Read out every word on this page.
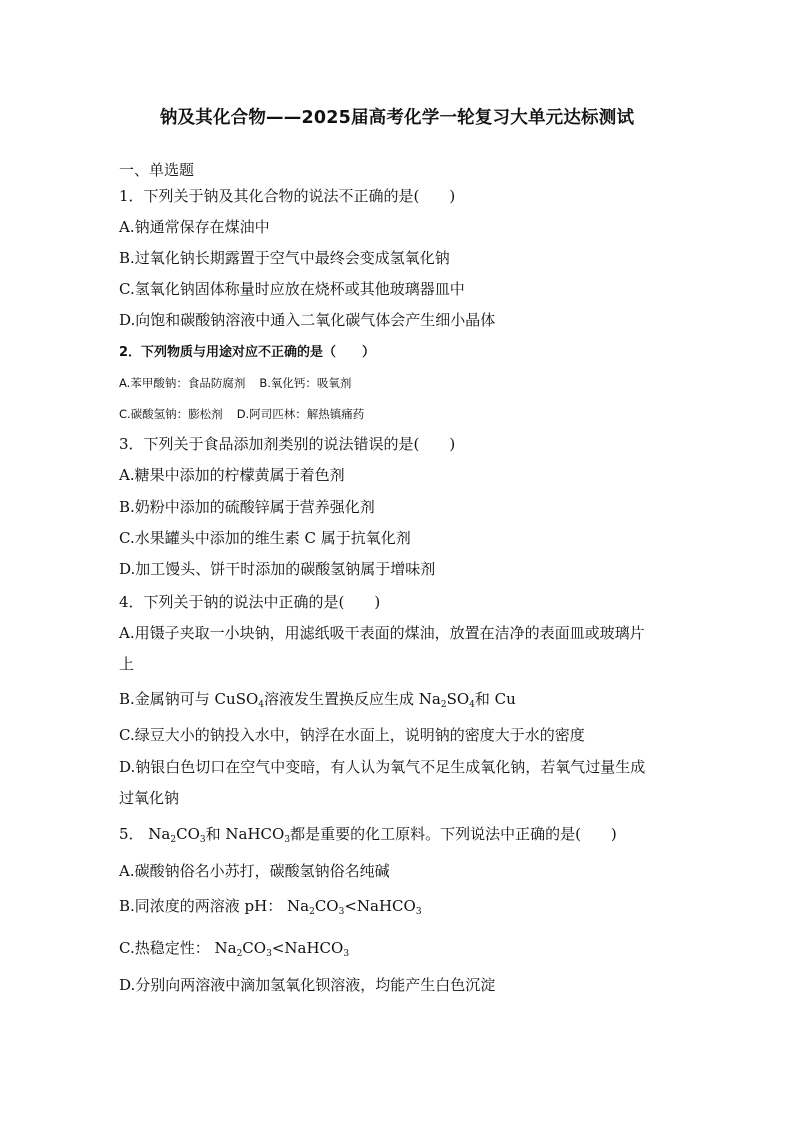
钠及其化合物——2025届高考化学一轮复习大单元达标测试
一、单选题
1．下列关于钠及其化合物的说法不正确的是(　　)
A.钠通常保存在煤油中
B.过氧化钠长期露置于空气中最终会变成氢氧化钠
C.氢氧化钠固体称量时应放在烧杯或其他玻璃器皿中
D.向饱和碳酸钠溶液中通入二氧化碳气体会产生细小晶体
2．下列物质与用途对应不正确的是（　　）
A.苯甲酸钠：食品防腐剂 B.氧化钙：吸氧剂
C.碳酸氢钠：膨松剂 D.阿司匹林：解热镇痛药
3．下列关于食品添加剂类别的说法错误的是(　　)
A.糖果中添加的柠檬黄属于着色剂
B.奶粉中添加的硫酸锌属于营养强化剂
C.水果罐头中添加的维生素 C 属于抗氧化剂
D.加工馒头、饼干时添加的碳酸氢钠属于增味剂
4．下列关于钠的说法中正确的是(　　)
A.用镊子夹取一小块钠，用滤纸吸干表面的煤油，放置在洁净的表面皿或玻璃片
上
B.金属钠可与 CuSO$_4$溶液发生置换反应生成 $Na_2SO_4$和 Cu
C.绿豆大小的钠投入水中，钠浮在水面上，说明钠的密度大于水的密度
D.钠银白色切口在空气中变暗，有人认为氧气不足生成氧化钠，若氧气过量生成
过氧化钠
5． $Na_2CO_3$和 NaHCO$_3$都是重要的化工原料。下列说法中正确的是(　　)
A.碳酸钠俗名小苏打，碳酸氢钠俗名纯碱
B.同浓度的两溶液 pH： $Na_2CO_3<NaHCO_3$
C.热稳定性： $Na_2CO_3<NaHCO_3$
D.分别向两溶液中滴加氢氧化钡溶液，均能产生白色沉淀
